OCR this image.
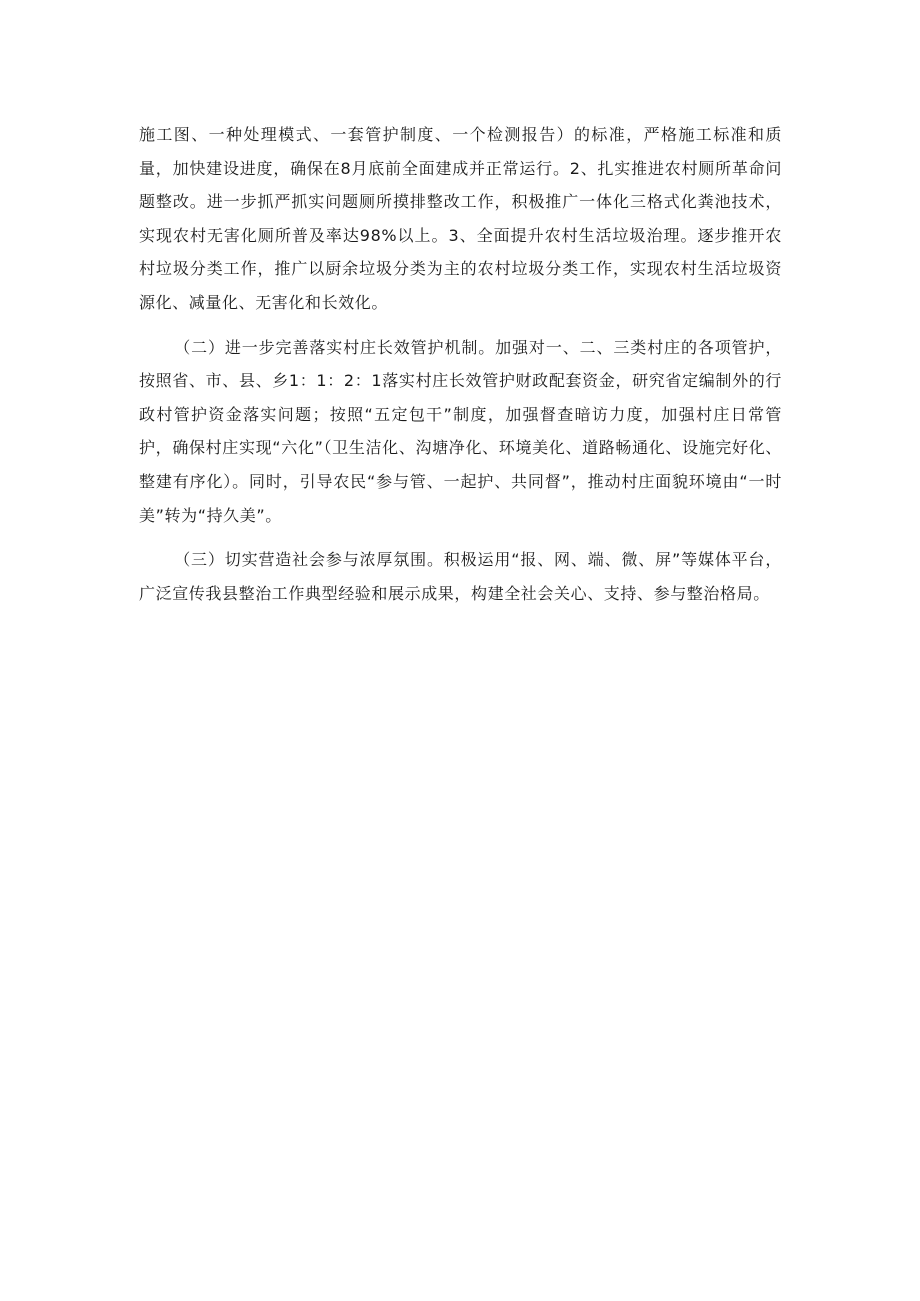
施工图、一种处理模式、一套管护制度、一个检测报告）的标准，严格施工标准和质量，加快建设进度，确保在8月底前全面建成并正常运行。2、扎实推进农村厕所革命问题整改。进一步抓严抓实问题厕所摸排整改工作，积极推广一体化三格式化粪池技术，实现农村无害化厕所普及率达98%以上。3、全面提升农村生活垃圾治理。逐步推开农村垃圾分类工作，推广以厨余垃圾分类为主的农村垃圾分类工作，实现农村生活垃圾资源化、减量化、无害化和长效化。

（二）进一步完善落实村庄长效管护机制。加强对一、二、三类村庄的各项管护，按照省、市、县、乡1：1：2：1落实村庄长效管护财政配套资金，研究省定编制外的行政村管护资金落实问题；按照“五定包干”制度，加强督查暗访力度，加强村庄日常管护，确保村庄实现“六化”（卫生洁化、沟塘净化、环境美化、道路畅通化、设施完好化、整建有序化）。同时，引导农民“参与管、一起护、共同督”，推动村庄面貌环境由“一时美”转为“持久美”。

（三）切实营造社会参与浓厚氛围。积极运用“报、网、端、微、屏”等媒体平台，广泛宣传我县整治工作典型经验和展示成果，构建全社会关心、支持、参与整治格局。
